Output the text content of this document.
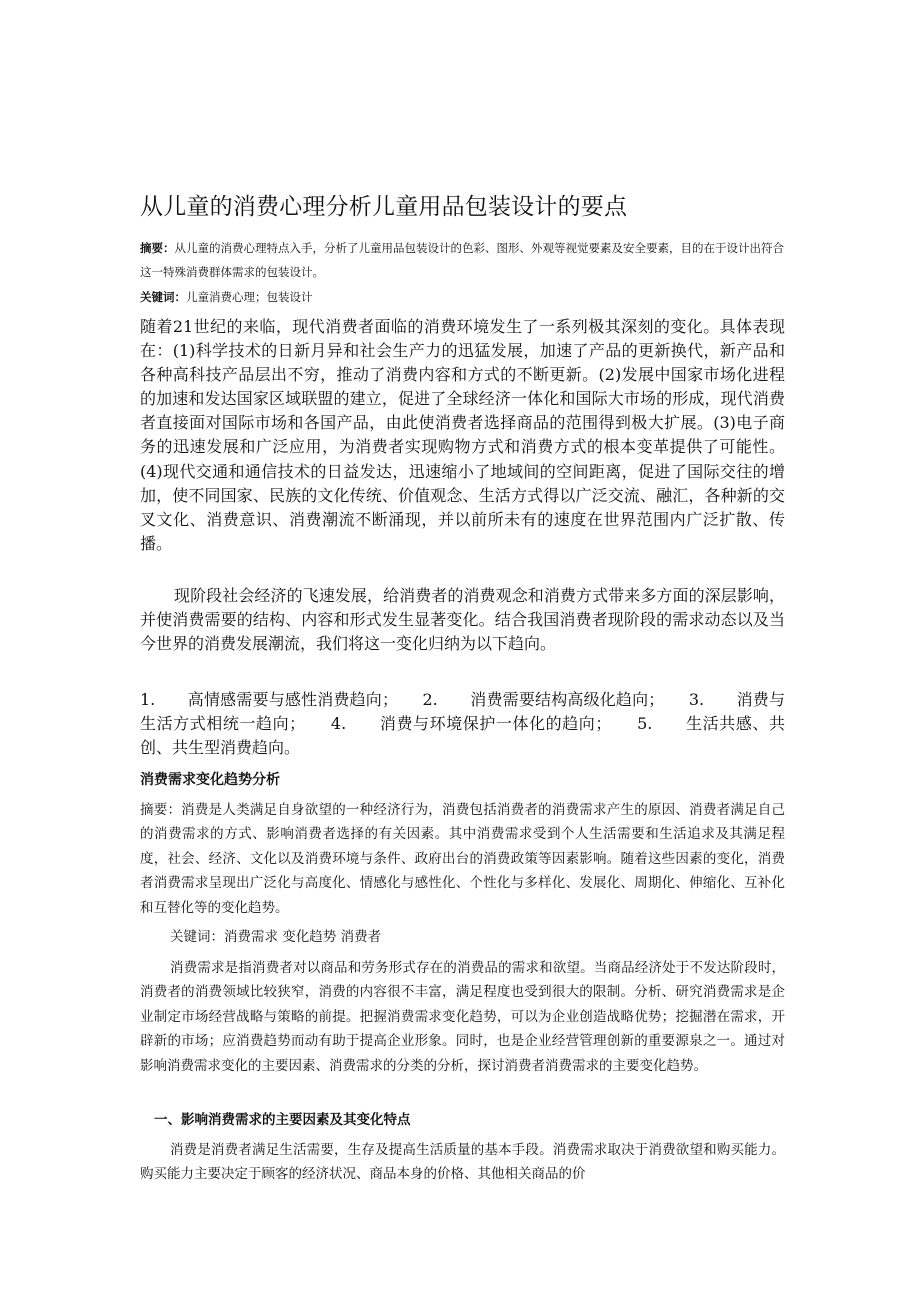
从儿童的消费心理分析儿童用品包装设计的要点
摘要：从儿童的消费心理特点入手，分析了儿童用品包装设计的色彩、图形、外观等视觉要素及安全要素，目的在于设计出符合这一特殊消费群体需求的包装设计。
关键词：儿童消费心理；包装设计
随着21世纪的来临，现代消费者面临的消费环境发生了一系列极其深刻的变化。具体表现在：(1)科学技术的日新月异和社会生产力的迅猛发展，加速了产品的更新换代，新产品和各种高科技产品层出不穷，推动了消费内容和方式的不断更新。(2)发展中国家市场化进程的加速和发达国家区域联盟的建立，促进了全球经济一体化和国际大市场的形成，现代消费者直接面对国际市场和各国产品，由此使消费者选择商品的范围得到极大扩展。(3)电子商务的迅速发展和广泛应用，为消费者实现购物方式和消费方式的根本变革提供了可能性。(4)现代交通和通信技术的日益发达，迅速缩小了地域间的空间距离，促进了国际交往的增加，使不同国家、民族的文化传统、价值观念、生活方式得以广泛交流、融汇，各种新的交叉文化、消费意识、消费潮流不断涌现，并以前所未有的速度在世界范围内广泛扩散、传播。
现阶段社会经济的飞速发展，给消费者的消费观念和消费方式带来多方面的深层影响，并使消费需要的结构、内容和形式发生显著变化。结合我国消费者现阶段的需求动态以及当今世界的消费发展潮流，我们将这一变化归纳为以下趋向。
1.　　高情感需要与感性消费趋向；　　2.　　消费需要结构高级化趋向；　　3.　　消费与生活方式相统一趋向；　　4.　　消费与环境保护一体化的趋向；　　5.　　生活共感、共创、共生型消费趋向。
消费需求变化趋势分析
摘要：消费是人类满足自身欲望的一种经济行为，消费包括消费者的消费需求产生的原因、消费者满足自己的消费需求的方式、影响消费者选择的有关因素。其中消费需求受到个人生活需要和生活追求及其满足程度，社会、经济、文化以及消费环境与条件、政府出台的消费政策等因素影响。随着这些因素的变化，消费者消费需求呈现出广泛化与高度化、情感化与感性化、个性化与多样化、发展化、周期化、伸缩化、互补化和互替化等的变化趋势。
关键词：消费需求 变化趋势 消费者
消费需求是指消费者对以商品和劳务形式存在的消费品的需求和欲望。当商品经济处于不发达阶段时，消费者的消费领域比较狭窄，消费的内容很不丰富，满足程度也受到很大的限制。分析、研究消费需求是企业制定市场经营战略与策略的前提。把握消费需求变化趋势，可以为企业创造战略优势；挖掘潜在需求，开辟新的市场；应消费趋势而动有助于提高企业形象。同时，也是企业经营管理创新的重要源泉之一。通过对影响消费需求变化的主要因素、消费需求的分类的分析，探讨消费者消费需求的主要变化趋势。
一、影响消费需求的主要因素及其变化特点
消费是消费者满足生活需要，生存及提高生活质量的基本手段。消费需求取决于消费欲望和购买能力。购买能力主要决定于顾客的经济状况、商品本身的价格、其他相关商品的价
